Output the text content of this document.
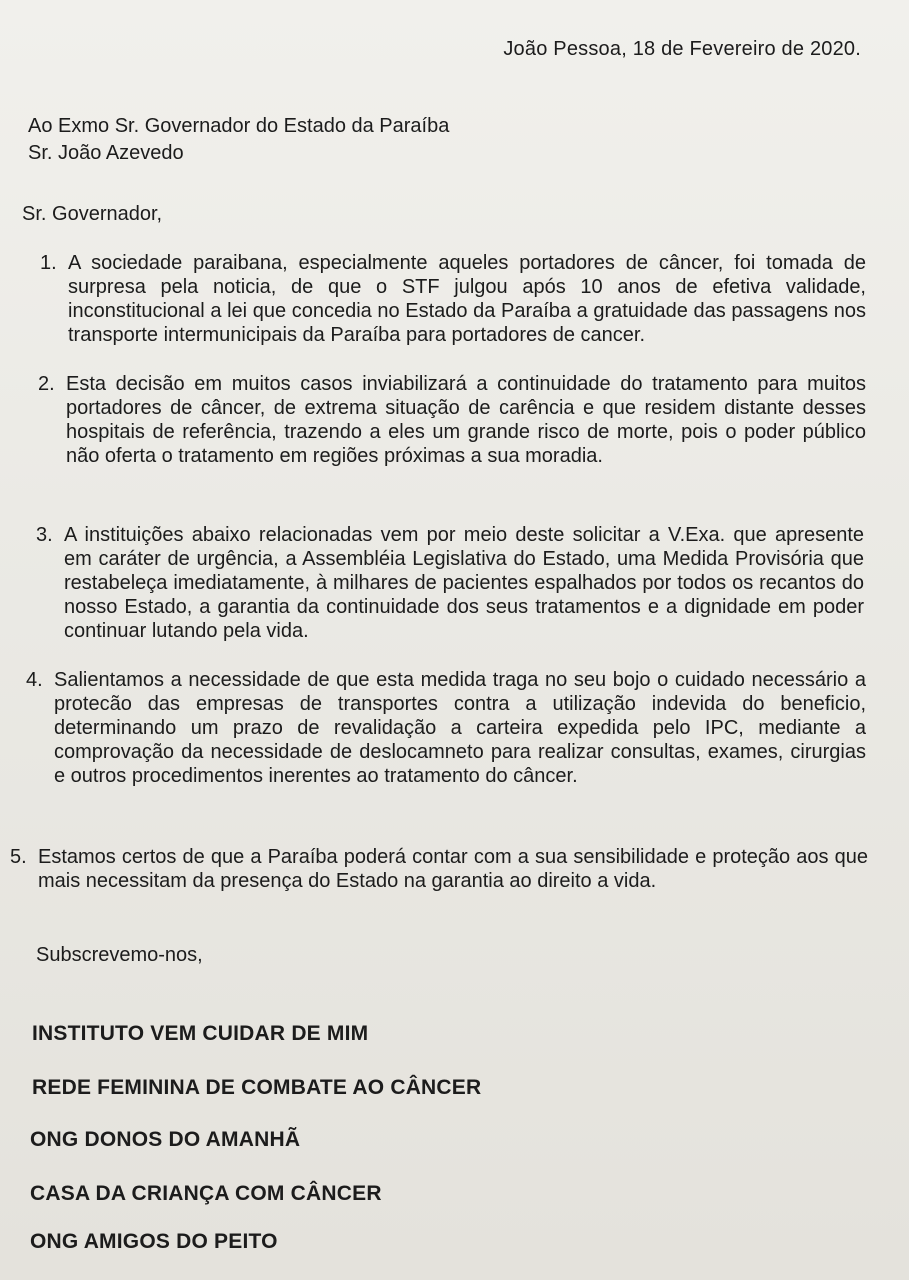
João Pessoa, 18 de Fevereiro de 2020.
Ao Exmo Sr. Governador do Estado da Paraíba
Sr. João Azevedo
Sr. Governador,
1. A sociedade paraibana, especialmente aqueles portadores de câncer, foi tomada de surpresa pela noticia, de que o STF julgou após 10 anos de efetiva validade, inconstitucional a lei que concedia no Estado da Paraíba a gratuidade das passagens nos transporte intermunicipais da Paraíba para portadores de cancer.
2. Esta decisão em muitos casos inviabilizará a continuidade do tratamento para muitos portadores de câncer, de extrema situação de carência e que residem distante desses hospitais de referência, trazendo a eles um grande risco de morte, pois o poder público não oferta o tratamento em regiões próximas a sua moradia.
3. A instituições abaixo relacionadas vem por meio deste solicitar a V.Exa. que apresente em caráter de urgência, a Assembléia Legislativa do Estado, uma Medida Provisória que restabeleça imediatamente, à milhares de pacientes espalhados por todos os recantos do nosso Estado, a garantia da continuidade dos seus tratamentos e a dignidade em poder continuar lutando pela vida.
4. Salientamos a necessidade de que esta medida traga no seu bojo o cuidado necessário a protecão das empresas de transportes contra a utilização indevida do beneficio, determinando um prazo de revalidação a carteira expedida pelo IPC, mediante a comprovação da necessidade de deslocamneto para realizar consultas, exames, cirurgias e outros procedimentos inerentes ao tratamento do câncer.
5. Estamos certos de que a Paraíba poderá contar com a sua sensibilidade e proteção aos que mais necessitam da presença do Estado na garantia ao direito a vida.
Subscrevemo-nos,
INSTITUTO VEM CUIDAR DE MIM
REDE FEMININA DE COMBATE AO CÂNCER
ONG DONOS DO AMANHÃ
CASA DA CRIANÇA COM CÂNCER
ONG AMIGOS DO PEITO
